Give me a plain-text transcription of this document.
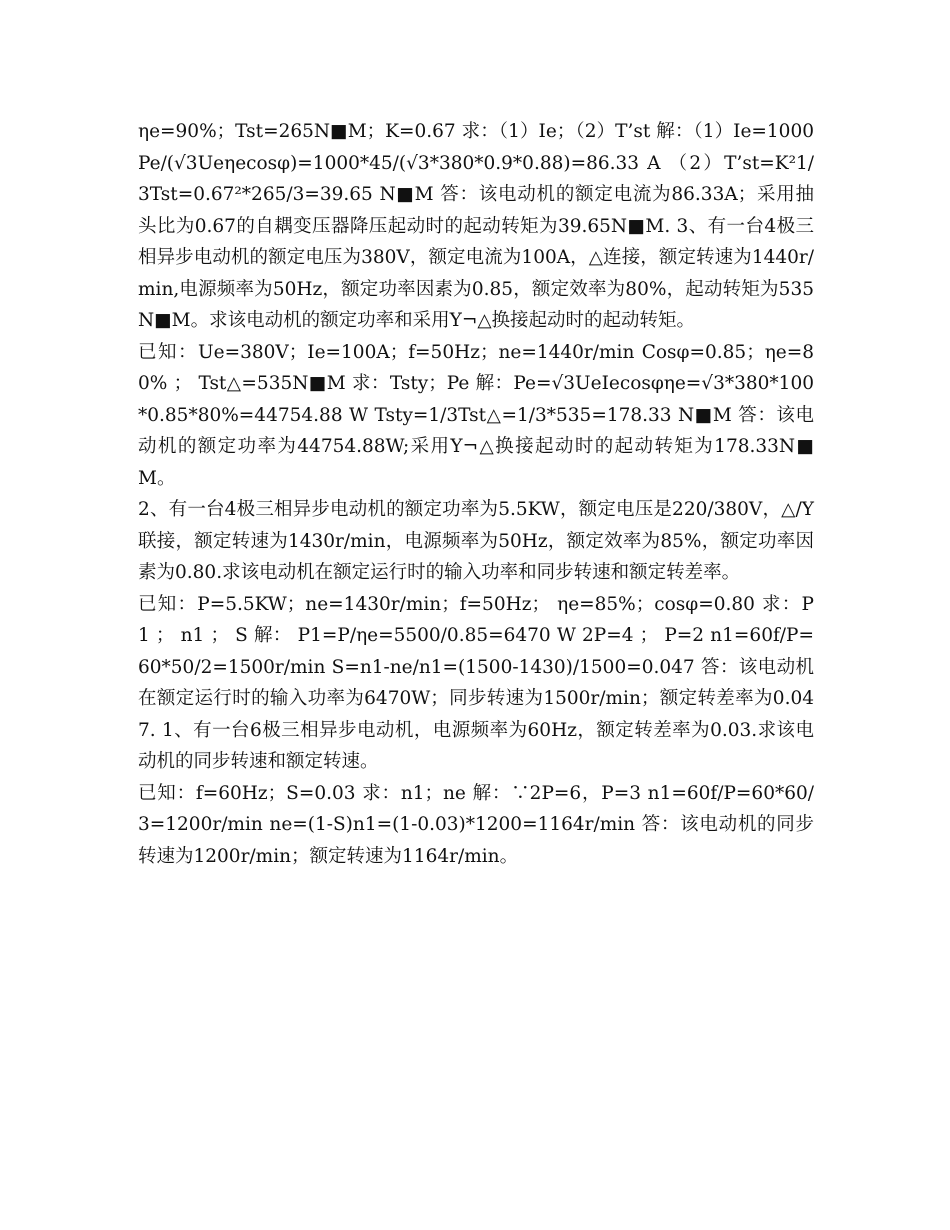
ηe=90%；Tst=265N■M；K=0.67 求：（1）Ie；（2）T’st 解：（1）Ie=1000Pe/(√3Ueηecosφ)=1000*45/(√3*380*0.9*0.88)=86.33 A （2）T’st=K²1/3Tst=0.67²*265/3=39.65 N■M 答：该电动机的额定电流为86.33A；采用抽头比为0.67的自耦变压器降压起动时的起动转矩为39.65N■M. 3、有一台4极三相异步电动机的额定电压为380V，额定电流为100A，△连接，额定转速为1440r/min,电源频率为50Hz，额定功率因素为0.85，额定效率为80%，起动转矩为535N■M。求该电动机的额定功率和采用Y¬△换接起动时的起动转矩。

已知：Ue=380V；Ie=100A；f=50Hz；ne=1440r/min Cosφ=0.85；ηe=80% ； Tst△=535N■M 求：Tsty；Pe 解：Pe=√3UeIecosφηe=√3*380*100*0.85*80%=44754.88 W Tsty=1/3Tst△=1/3*535=178.33 N■M 答：该电动机的额定功率为44754.88W;采用Y¬△换接起动时的起动转矩为178.33N■M。

2、有一台4极三相异步电动机的额定功率为5.5KW，额定电压是220/380V，△/Y联接，额定转速为1430r/min，电源频率为50Hz，额定效率为85%，额定功率因素为0.80.求该电动机在额定运行时的输入功率和同步转速和额定转差率。

已知：P=5.5KW；ne=1430r/min；f=50Hz； ηe=85%；cosφ=0.80 求：P1 ； n1 ； S 解： P1=P/ηe=5500/0.85=6470 W 2P=4 ； P=2 n1=60f/P=60*50/2=1500r/min S=n1-ne/n1=(1500-1430)/1500=0.047 答：该电动机在额定运行时的输入功率为6470W；同步转速为1500r/min；额定转差率为0.047. 1、有一台6极三相异步电动机，电源频率为60Hz，额定转差率为0.03.求该电动机的同步转速和额定转速。

已知：f=60Hz；S=0.03 求：n1；ne 解：∵2P=6，P=3 n1=60f/P=60*60/3=1200r/min ne=(1-S)n1=(1-0.03)*1200=1164r/min 答：该电动机的同步转速为1200r/min；额定转速为1164r/min。
